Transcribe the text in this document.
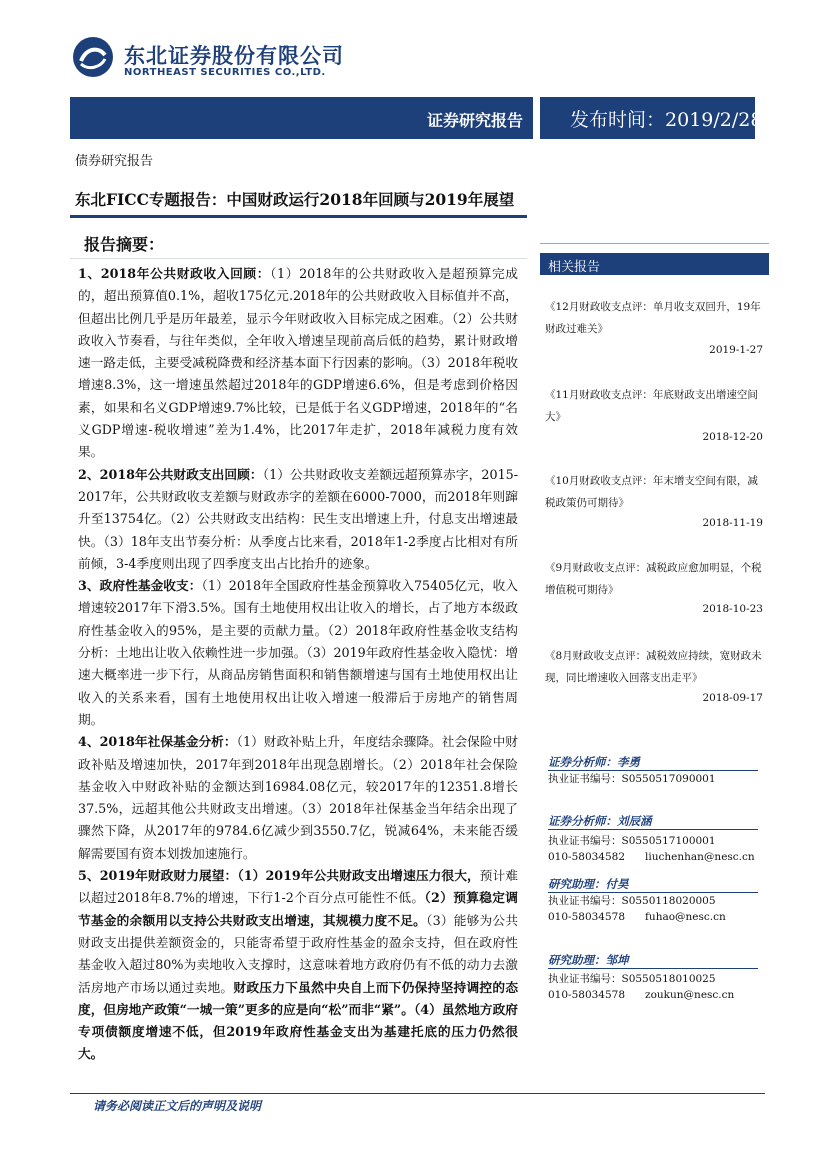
东北证券股份有限公司
NORTHEAST SECURITIES CO.,LTD.
证券研究报告 发布时间：2019/2/28
债券研究报告
东北FICC专题报告：中国财政运行2018年回顾与2019年展望
报告摘要：

1、2018年公共财政收入回顾：（1）2018年的公共财政收入是超预算完成的，超出预算值0.1%，超收175亿元.2018年的公共财政收入目标值并不高，但超出比例几乎是历年最差，显示今年财政收入目标完成之困难。（2）公共财政收入节奏看，与往年类似，全年收入增速呈现前高后低的趋势，累计财政增速一路走低，主要受减税降费和经济基本面下行因素的影响。（3）2018年税收增速8.3%，这一增速虽然超过2018年的GDP增速6.6%，但是考虑到价格因素，如果和名义GDP增速9.7%比较，已是低于名义GDP增速，2018年的“名义GDP增速-税收增速”差为1.4%，比2017年走扩，2018年减税力度有效果。

2、2018年公共财政支出回顾：（1）公共财政收支差额远超预算赤字，2015-2017年，公共财政收支差额与财政赤字的差额在6000-7000，而2018年则蹿升至13754亿。（2）公共财政支出结构：民生支出增速上升，付息支出增速最快。（3）18年支出节奏分析：从季度占比来看，2018年1-2季度占比相对有所前倾，3-4季度则出现了四季度支出占比抬升的迹象。

3、政府性基金收支：（1）2018年全国政府性基金预算收入75405亿元，收入增速较2017年下滑3.5%。国有土地使用权出让收入的增长，占了地方本级政府性基金收入的95%，是主要的贡献力量。（2）2018年政府性基金收支结构分析：土地出让收入依赖性进一步加强。（3）2019年政府性基金收入隐忧：增速大概率进一步下行，从商品房销售面积和销售额增速与国有土地使用权出让收入的关系来看，国有土地使用权出让收入增速一般滞后于房地产的销售周期。

4、2018年社保基金分析：（1）财政补贴上升，年度结余骤降。社会保险中财政补贴及增速加快，2017年到2018年出现急剧增长。（2）2018年社会保险基金收入中财政补贴的金额达到16984.08亿元，较2017年的12351.8增长37.5%，远超其他公共财政支出增速。（3）2018年社保基金当年结余出现了骤然下降，从2017年的9784.6亿减少到3550.7亿，锐减64%，未来能否缓解需要国有资本划拨加速施行。

5、2019年财政财力展望：（1）2019年公共财政支出增速压力很大，预计难以超过2018年8.7%的增速，下行1-2个百分点可能性不低。（2）预算稳定调节基金的余额用以支持公共财政支出增速，其规模力度不足。（3）能够为公共财政支出提供差额资金的，只能寄希望于政府性基金的盈余支持，但在政府性基金收入超过80%为卖地收入支撑时，这意味着地方政府仍有不低的动力去激活房地产市场以通过卖地。财政压力下虽然中央自上而下仍保持坚持调控的态度，但房地产政策“一城一策”更多的应是向“松”而非“紧”。（4）虽然地方政府专项债额度增速不低，但2019年政府性基金支出为基建托底的压力仍然很大。

相关报告
《12月财政收支点评：单月收支双回升，19年财政过难关》
2019-1-27
《11月财政收支点评：年底财政支出增速空间大》
2018-12-20
《10月财政收支点评：年末增支空间有限，减税政策仍可期待》
2018-11-19
《9月财政收支点评：减税政应愈加明显，个税增值税可期待》
2018-10-23
《8月财政收支点评：减税效应持续，宽财政未现，同比增速收入回落支出走平》
2018-09-17
证券分析师：李勇
执业证书编号：S0550517090001
证券分析师：刘辰涵
执业证书编号：S0550517100001
010-58034582 liuchenhan@nesc.cn
研究助理：付昊
执业证书编号：S0550118020005
010-58034578 fuhao@nesc.cn
研究助理：邹坤
执业证书编号：S0550518010025
010-58034578 zoukun@nesc.cn
请务必阅读正文后的声明及说明
